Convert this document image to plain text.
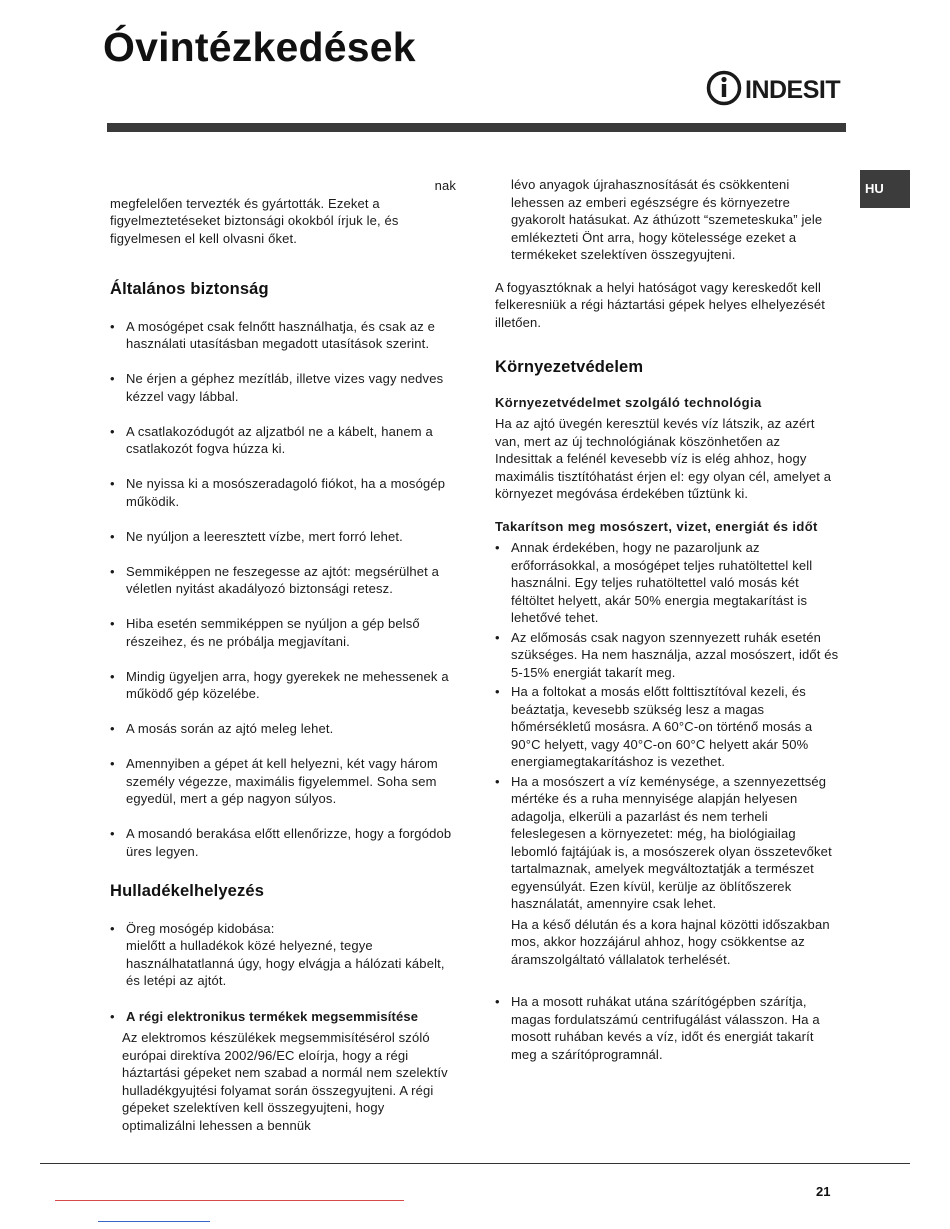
Óvintézkedések
INDESIT
HU

nak

megfelelően tervezték és gyártották. Ezeket a figyelmeztetéseket biztonsági okokból írjuk le, és figyelmesen el kell olvasni őket.

Általános biztonság
• A mosógépet csak felnőtt használhatja, és csak az e használati utasításban megadott utasítások szerint.
• Ne érjen a géphez mezítláb, illetve vizes vagy nedves kézzel vagy lábbal.
• A csatlakozódugót az aljzatból ne a kábelt, hanem a csatlakozót fogva húzza ki.
• Ne nyissa ki a mosószeradagoló fiókot, ha a mosógép működik.
• Ne nyúljon a leeresztett vízbe, mert forró lehet.
• Semmiképpen ne feszegesse az ajtót: megsérülhet a véletlen nyitást akadályozó biztonsági retesz.
• Hiba esetén semmiképpen se nyúljon a gép belső részeihez, és ne próbálja megjavítani.
• Mindig ügyeljen arra, hogy gyerekek ne mehessenek a működő gép közelébe.
• A mosás során az ajtó meleg lehet.
• Amennyiben a gépet át kell helyezni, két vagy három személy végezze, maximális figyelemmel. Soha sem egyedül, mert a gép nagyon súlyos.
• A mosandó berakása előtt ellenőrizze, hogy a forgódob üres legyen.
Hulladékelhelyezés
• Öreg mosógép kidobása:
mielőtt a hulladékok közé helyezné, tegye használhatatlanná úgy, hogy elvágja a hálózati kábelt, és letépi az ajtót.
• A régi elektronikus termékek megsemmisítése

Az elektromos készülékek megsemmisítésérol szóló európai direktíva 2002/96/EC eloírja, hogy a régi háztartási gépeket nem szabad a normál nem szelektív hulladékgyujtési folyamat során összegyujteni. A régi gépeket szelektíven kell összegyujteni, hogy optimalizálni lehessen a bennük

lévo anyagok újrahasznosítását és csökkenteni lehessen az emberi egészségre és környezetre gyakorolt hatásukat. Az áthúzott “szemeteskuka” jele emlékezteti Önt arra, hogy kötelessége ezeket a termékeket szelektíven összegyujteni.

A fogyasztóknak a helyi hatóságot vagy kereskedőt kell felkeresniük a régi háztartási gépek helyes elhelyezését illetően.

Környezetvédelem
Környezetvédelmet szolgáló technológia

Ha az ajtó üvegén keresztül kevés víz látszik, az azért van, mert az új technológiának köszönhetően az Indesittak a felénél kevesebb víz is elég ahhoz, hogy maximális tisztítóhatást érjen el: egy olyan cél, amelyet a környezet megóvása érdekében tűztünk ki.

Takarítson meg mosószert, vizet, energiát és időt
• Annak érdekében, hogy ne pazaroljunk az erőforrásokkal, a mosógépet teljes ruhatöltettel kell használni. Egy teljes ruhatöltettel való mosás két féltöltet helyett, akár 50% energia megtakarítást is lehetővé tehet.
• Az előmosás csak nagyon szennyezett ruhák esetén szükséges. Ha nem használja, azzal mosószert, időt és 5-15% energiát takarít meg.
• Ha a foltokat a mosás előtt folttisztítóval kezeli, és beáztatja, kevesebb szükség lesz a magas hőmérsékletű mosásra. A 60°C-on történő mosás a 90°C helyett, vagy 40°C-on 60°C helyett akár 50% energiamegtakarításhoz is vezethet.
• Ha a mosószert a víz keménysége, a szennyezettség mértéke és a ruha mennyisége alapján helyesen adagolja, elkerüli a pazarlást és nem terheli feleslegesen a környezetet: még, ha biológiailag lebomló fajtájúak is, a mosószerek olyan összetevőket tartalmaznak, amelyek megváltoztatják a természet egyensúlyát. Ezen kívül, kerülje az öblítőszerek használatát, amennyire csak lehet.

Ha a késő délután és a kora hajnal közötti időszakban mos, akkor hozzájárul ahhoz, hogy csökkentse az áramszolgáltató vállalatok terhelését.

• Ha a mosott ruhákat utána szárítógépben szárítja, magas fordulatszámú centrifugálást válasszon. Ha a mosott ruhában kevés a víz, időt és energiát takarít meg a szárítóprogramnál.
21
